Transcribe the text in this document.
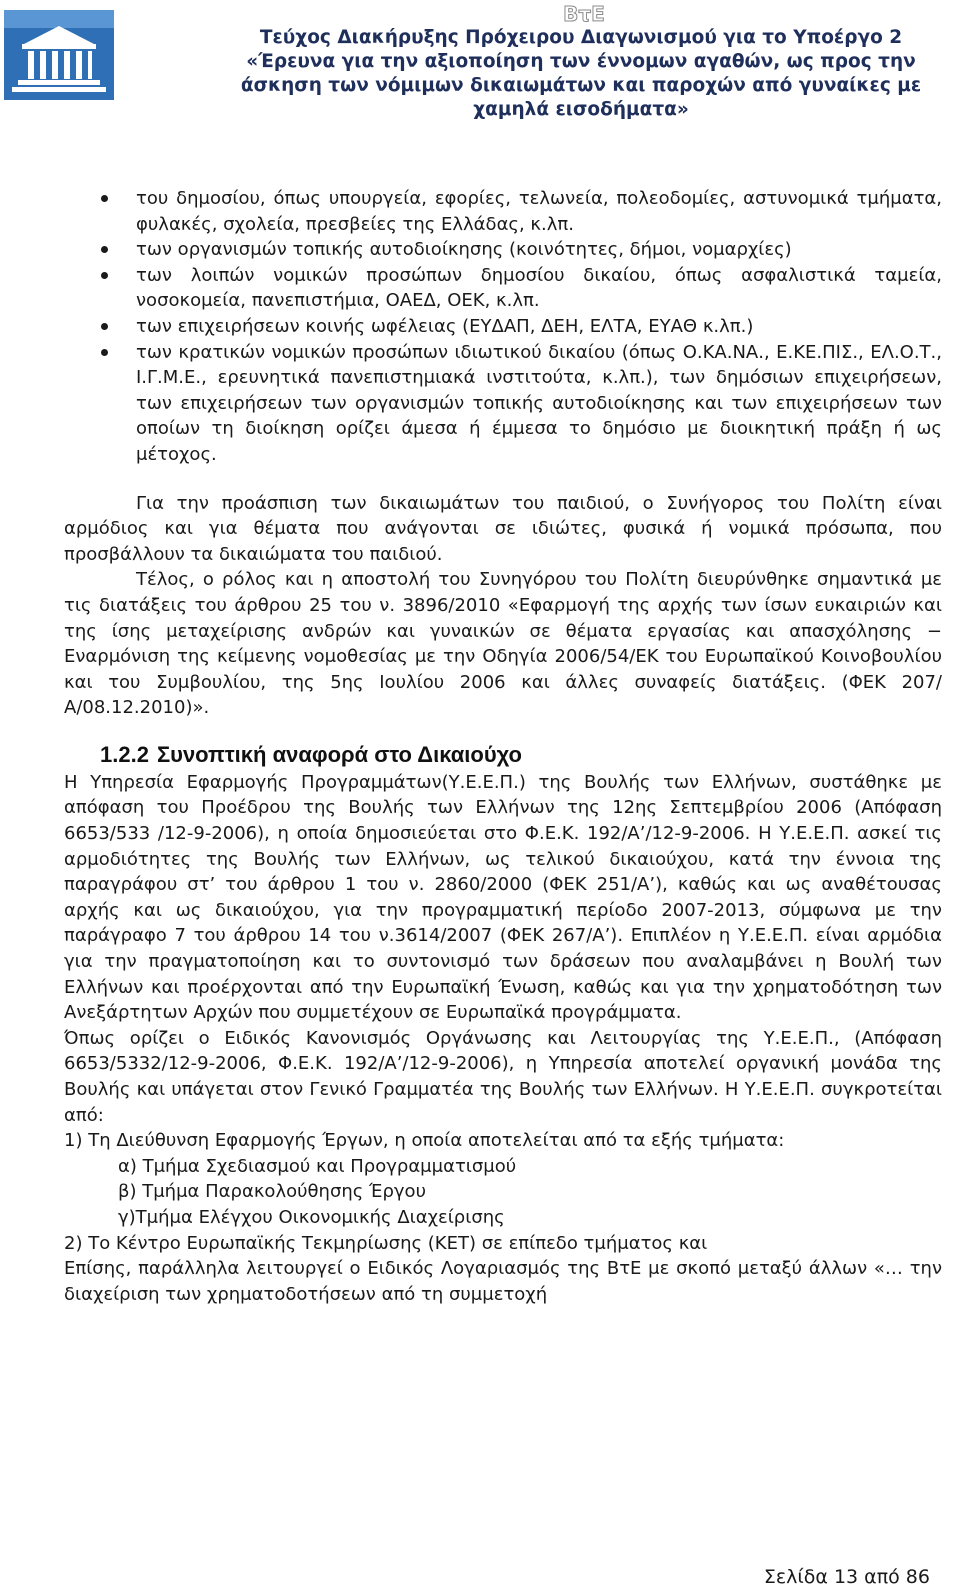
ΒτΕ
Τεύχος Διακήρυξης Πρόχειρου Διαγωνισμού για το Υποέργο 2
«Έρευνα για την αξιοποίηση των έννομων αγαθών, ως προς την
άσκηση των νόμιμων δικαιωμάτων και παροχών από γυναίκες με
χαμηλά εισοδήματα»
του δημοσίου, όπως υπουργεία, εφορίες, τελωνεία, πολεοδομίες, αστυνομικά τμήματα, φυλακές, σχολεία, πρεσβείες της Ελλάδας, κ.λπ.
των οργανισμών τοπικής αυτοδιοίκησης (κοινότητες, δήμοι, νομαρχίες)
των λοιπών νομικών προσώπων δημοσίου δικαίου, όπως ασφαλιστικά ταμεία, νοσοκομεία, πανεπιστήμια, ΟΑΕΔ, ΟΕΚ, κ.λπ.
των επιχειρήσεων κοινής ωφέλειας (ΕΥΔΑΠ, ΔΕΗ, ΕΛΤΑ, ΕΥΑΘ κ.λπ.)
των κρατικών νομικών προσώπων ιδιωτικού δικαίου (όπως Ο.ΚΑ.ΝΑ., Ε.ΚΕ.ΠΙΣ., ΕΛ.Ο.Τ., Ι.Γ.Μ.Ε., ερευνητικά πανεπιστημιακά ινστιτούτα, κ.λπ.), των δημόσιων επιχειρήσεων, των επιχειρήσεων των οργανισμών τοπικής αυτοδιοίκησης και των επιχειρήσεων των οποίων τη διοίκηση ορίζει άμεσα ή έμμεσα το δημόσιο με διοικητική πράξη ή ως μέτοχος.

Για την προάσπιση των δικαιωμάτων του παιδιού, ο Συνήγορος του Πολίτη είναι αρμόδιος και για θέματα που ανάγονται σε ιδιώτες, φυσικά ή νομικά πρόσωπα, που προσβάλλουν τα δικαιώματα του παιδιού.

Τέλος, ο ρόλος και η αποστολή του Συνηγόρου του Πολίτη διευρύνθηκε σημαντικά με τις διατάξεις του άρθρου 25 του ν. 3896/2010 «Εφαρμογή της αρχής των ίσων ευκαιριών και της ίσης μεταχείρισης ανδρών και γυναικών σε θέματα εργασίας και απασχόλησης − Εναρμόνιση της κείμενης νομοθεσίας με την Οδηγία 2006/54/ΕΚ του Ευρωπαϊκού Κοινοβουλίου και του Συμβουλίου, της 5ης Ιουλίου 2006 και άλλες συναφείς διατάξεις. (ΦΕΚ 207/Α/08.12.2010)».

1.2.2 Συνοπτική αναφορά στο Δικαιούχο

Η Υπηρεσία Εφαρμογής Προγραμμάτων(Υ.Ε.Ε.Π.) της Βουλής των Ελλήνων, συστάθηκε με απόφαση του Προέδρου της Βουλής των Ελλήνων της 12ης Σεπτεμβρίου 2006 (Απόφαση 6653/533 /12-9-2006), η οποία δημοσιεύεται στο Φ.Ε.Κ. 192/Α’/12-9-2006. Η Υ.Ε.Ε.Π. ασκεί τις αρμοδιότητες της Βουλής των Ελλήνων, ως τελικού δικαιούχου, κατά την έννοια της παραγράφου στ’ του άρθρου 1 του ν. 2860/2000 (ΦΕΚ 251/Α’), καθώς και ως αναθέτουσας αρχής και ως δικαιούχου, για την προγραμματική περίοδο 2007-2013, σύμφωνα με την παράγραφο 7 του άρθρου 14 του ν.3614/2007 (ΦΕΚ 267/Α’). Επιπλέον η Υ.Ε.Ε.Π. είναι αρμόδια για την πραγματοποίηση και το συντονισμό των δράσεων που αναλαμβάνει η Βουλή των Ελλήνων και προέρχονται από την Ευρωπαϊκή Ένωση, καθώς και για την χρηματοδότηση των Ανεξάρτητων Αρχών που συμμετέχουν σε Ευρωπαϊκά προγράμματα.

Όπως ορίζει ο Ειδικός Κανονισμός Οργάνωσης και Λειτουργίας της Υ.Ε.Ε.Π., (Απόφαση 6653/5332/12-9-2006, Φ.Ε.Κ. 192/Α’/12-9-2006), η Υπηρεσία αποτελεί οργανική μονάδα της Βουλής και υπάγεται στον Γενικό Γραμματέα της Βουλής των Ελλήνων. Η Υ.Ε.Ε.Π. συγκροτείται από:

1) Τη Διεύθυνση Εφαρμογής Έργων, η οποία αποτελείται από τα εξής τμήματα:

α) Τμήμα Σχεδιασμού και Προγραμματισμού

β) Τμήμα Παρακολούθησης Έργου

γ)Τμήμα Ελέγχου Οικονομικής Διαχείρισης

2) Το Κέντρο Ευρωπαϊκής Τεκμηρίωσης (ΚΕΤ) σε επίπεδο τμήματος και

Επίσης, παράλληλα λειτουργεί ο Ειδικός Λογαριασμός της ΒτΕ με σκοπό μεταξύ άλλων «… την διαχείριση των χρηματοδοτήσεων από τη συμμετοχή

Σελίδα 13 από 86
